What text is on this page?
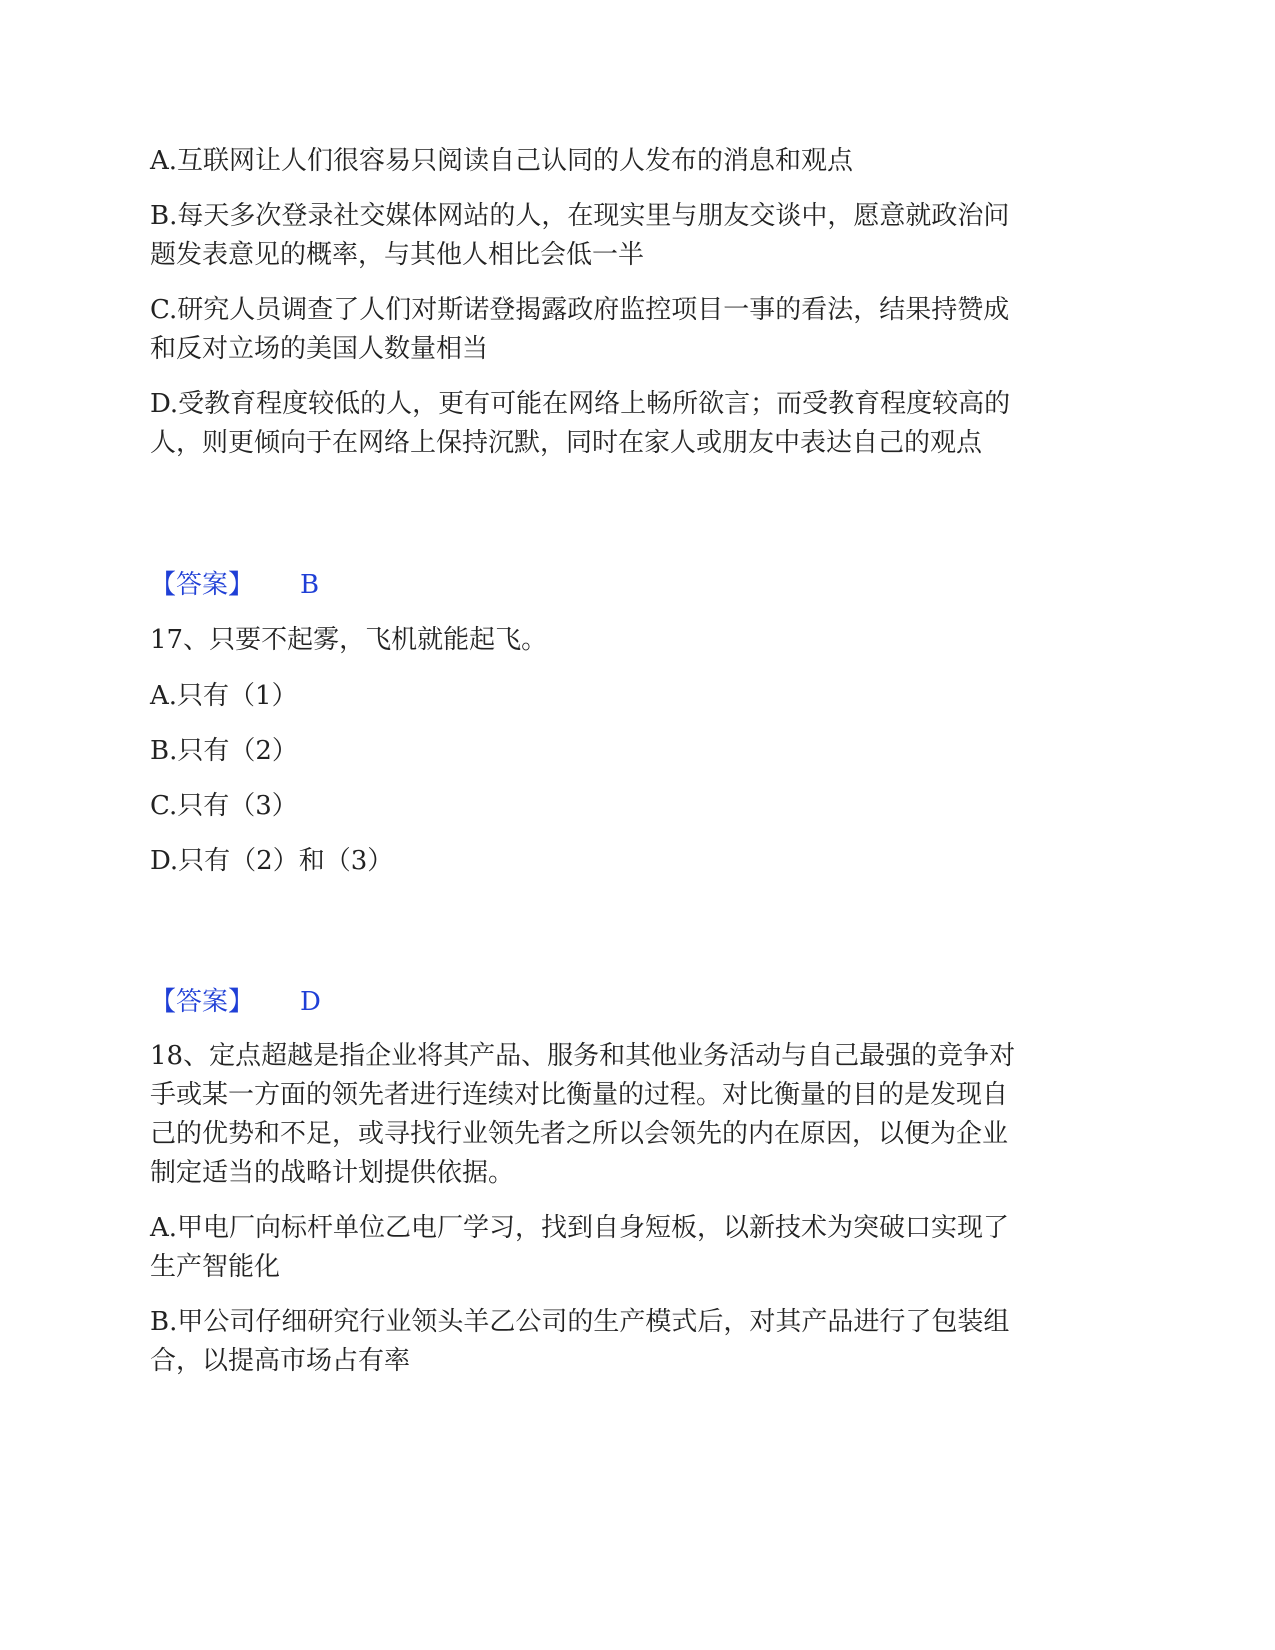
A.互联网让人们很容易只阅读自己认同的人发布的消息和观点
B.每天多次登录社交媒体网站的人，在现实里与朋友交谈中，愿意就政治问
题发表意见的概率，与其他人相比会低一半
C.研究人员调查了人们对斯诺登揭露政府监控项目一事的看法，结果持赞成
和反对立场的美国人数量相当
D.受教育程度较低的人，更有可能在网络上畅所欲言；而受教育程度较高的
人，则更倾向于在网络上保持沉默，同时在家人或朋友中表达自己的观点
【答案】 B
17、只要不起雾，飞机就能起飞。
A.只有（1）
B.只有（2）
C.只有（3）
D.只有（2）和（3）
【答案】 D
18、定点超越是指企业将其产品、服务和其他业务活动与自己最强的竞争对
手或某一方面的领先者进行连续对比衡量的过程。对比衡量的目的是发现自
己的优势和不足，或寻找行业领先者之所以会领先的内在原因，以便为企业
制定适当的战略计划提供依据。
A.甲电厂向标杆单位乙电厂学习，找到自身短板，以新技术为突破口实现了
生产智能化
B.甲公司仔细研究行业领头羊乙公司的生产模式后，对其产品进行了包装组
合，以提高市场占有率
